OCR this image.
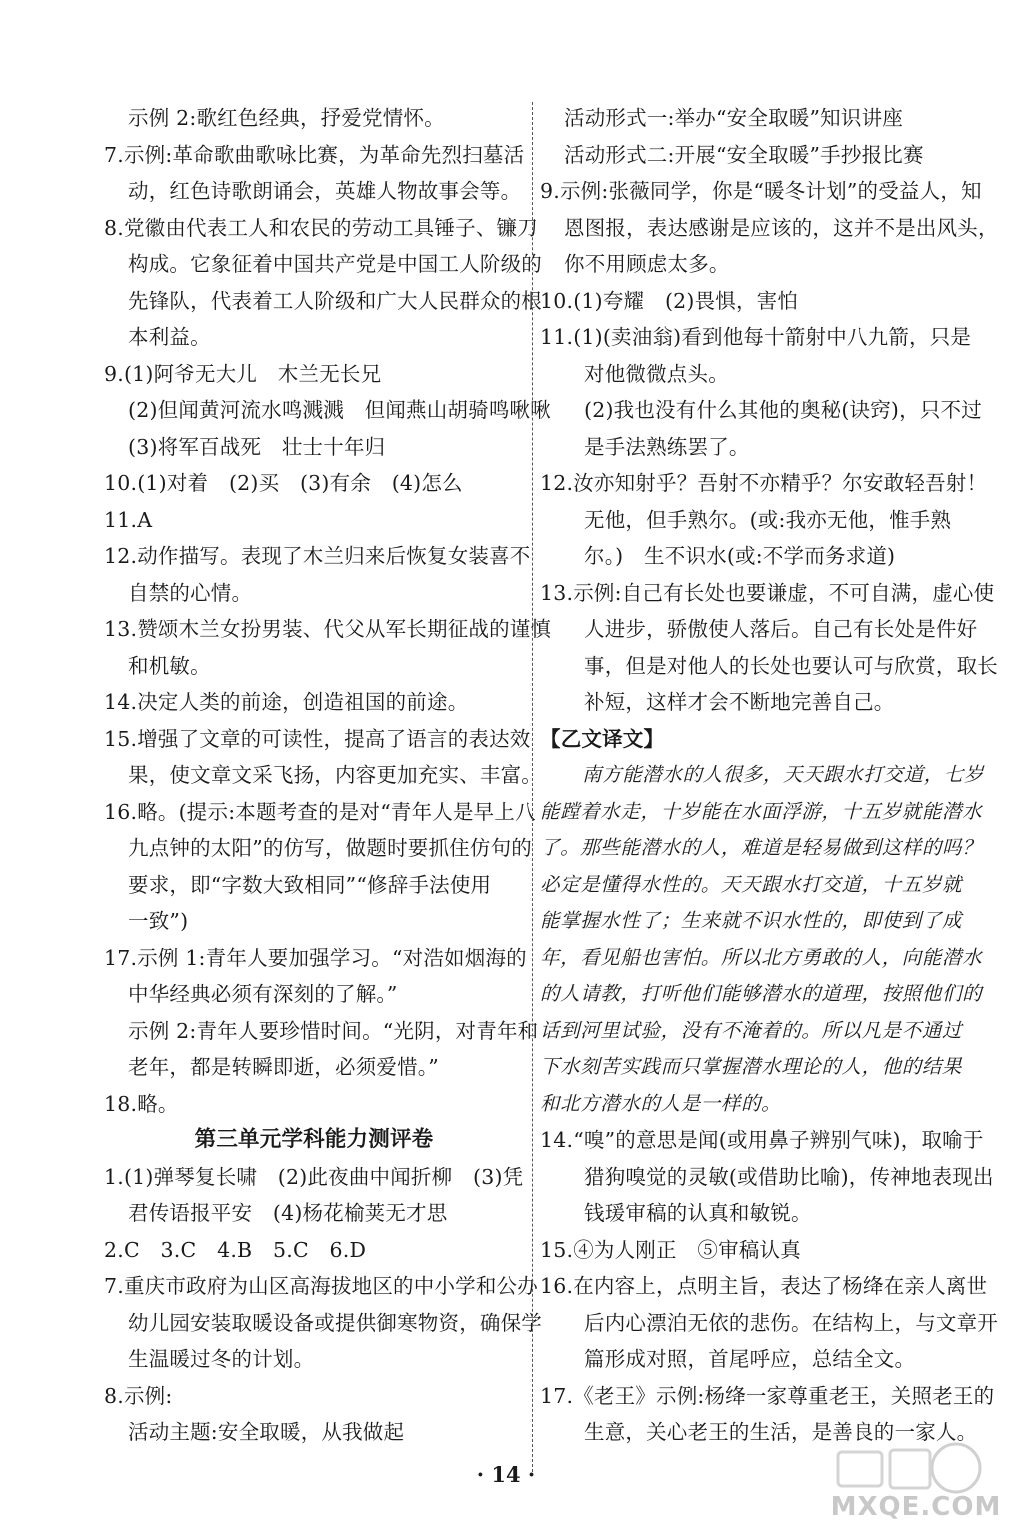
示例 2:歌红色经典，抒爱党情怀。
7.示例:革命歌曲歌咏比赛，为革命先烈扫墓活
动，红色诗歌朗诵会，英雄人物故事会等。
8.党徽由代表工人和农民的劳动工具锤子、镰刀
构成。它象征着中国共产党是中国工人阶级的
先锋队，代表着工人阶级和广大人民群众的根
本利益。
9.(1)阿爷无大儿　木兰无长兄
(2)但闻黄河流水鸣溅溅　但闻燕山胡骑鸣啾啾
(3)将军百战死　壮士十年归
10.(1)对着　(2)买　(3)有余　(4)怎么
11.A
12.动作描写。表现了木兰归来后恢复女装喜不
自禁的心情。
13.赞颂木兰女扮男装、代父从军长期征战的谨慎
和机敏。
14.决定人类的前途，创造祖国的前途。
15.增强了文章的可读性，提高了语言的表达效
果，使文章文采飞扬，内容更加充实、丰富。
16.略。(提示:本题考查的是对“青年人是早上八
九点钟的太阳”的仿写，做题时要抓住仿句的
要求，即“字数大致相同”“修辞手法使用
一致”)
17.示例 1:青年人要加强学习。“对浩如烟海的
中华经典必须有深刻的了解。”
示例 2:青年人要珍惜时间。“光阴，对青年和
老年，都是转瞬即逝，必须爱惜。”
18.略。
第三单元学科能力测评卷
1.(1)弹琴复长啸　(2)此夜曲中闻折柳　(3)凭
君传语报平安　(4)杨花榆荚无才思
2.C　3.C　4.B　5.C　6.D
7.重庆市政府为山区高海拔地区的中小学和公办
幼儿园安装取暖设备或提供御寒物资，确保学
生温暖过冬的计划。
8.示例:
活动主题:安全取暖，从我做起
活动形式一:举办“安全取暖”知识讲座
活动形式二:开展“安全取暖”手抄报比赛
9.示例:张薇同学，你是“暖冬计划”的受益人，知
恩图报，表达感谢是应该的，这并不是出风头，
你不用顾虑太多。
10.(1)夸耀　(2)畏惧，害怕
11.(1)(卖油翁)看到他每十箭射中八九箭，只是
对他微微点头。
(2)我也没有什么其他的奥秘(诀窍)，只不过
是手法熟练罢了。
12.汝亦知射乎？吾射不亦精乎？尔安敢轻吾射！
无他，但手熟尔。(或:我亦无他，惟手熟
尔。)　生不识水(或:不学而务求道)
13.示例:自己有长处也要谦虚，不可自满，虚心使
人进步，骄傲使人落后。自己有长处是件好
事，但是对他人的长处也要认可与欣赏，取长
补短，这样才会不断地完善自己。
【乙文译文】
南方能潜水的人很多，天天跟水打交道，七岁
能蹚着水走，十岁能在水面浮游，十五岁就能潜水
了。那些能潜水的人，难道是轻易做到这样的吗？
必定是懂得水性的。天天跟水打交道，十五岁就
能掌握水性了；生来就不识水性的，即使到了成
年，看见船也害怕。所以北方勇敢的人，向能潜水
的人请教，打听他们能够潜水的道理，按照他们的
话到河里试验，没有不淹着的。所以凡是不通过
下水刻苦实践而只掌握潜水理论的人，他的结果
和北方潜水的人是一样的。
14.“嗅”的意思是闻(或用鼻子辨别气味)，取喻于
猎狗嗅觉的灵敏(或借助比喻)，传神地表现出
钱瑗审稿的认真和敏锐。
15.④为人刚正　⑤审稿认真
16.在内容上，点明主旨，表达了杨绛在亲人离世
后内心漂泊无依的悲伤。在结构上，与文章开
篇形成对照，首尾呼应，总结全文。
17.《老王》示例:杨绛一家尊重老王，关照老王的
生意，关心老王的生活，是善良的一家人。
· 14 ·
MXQE.COM
